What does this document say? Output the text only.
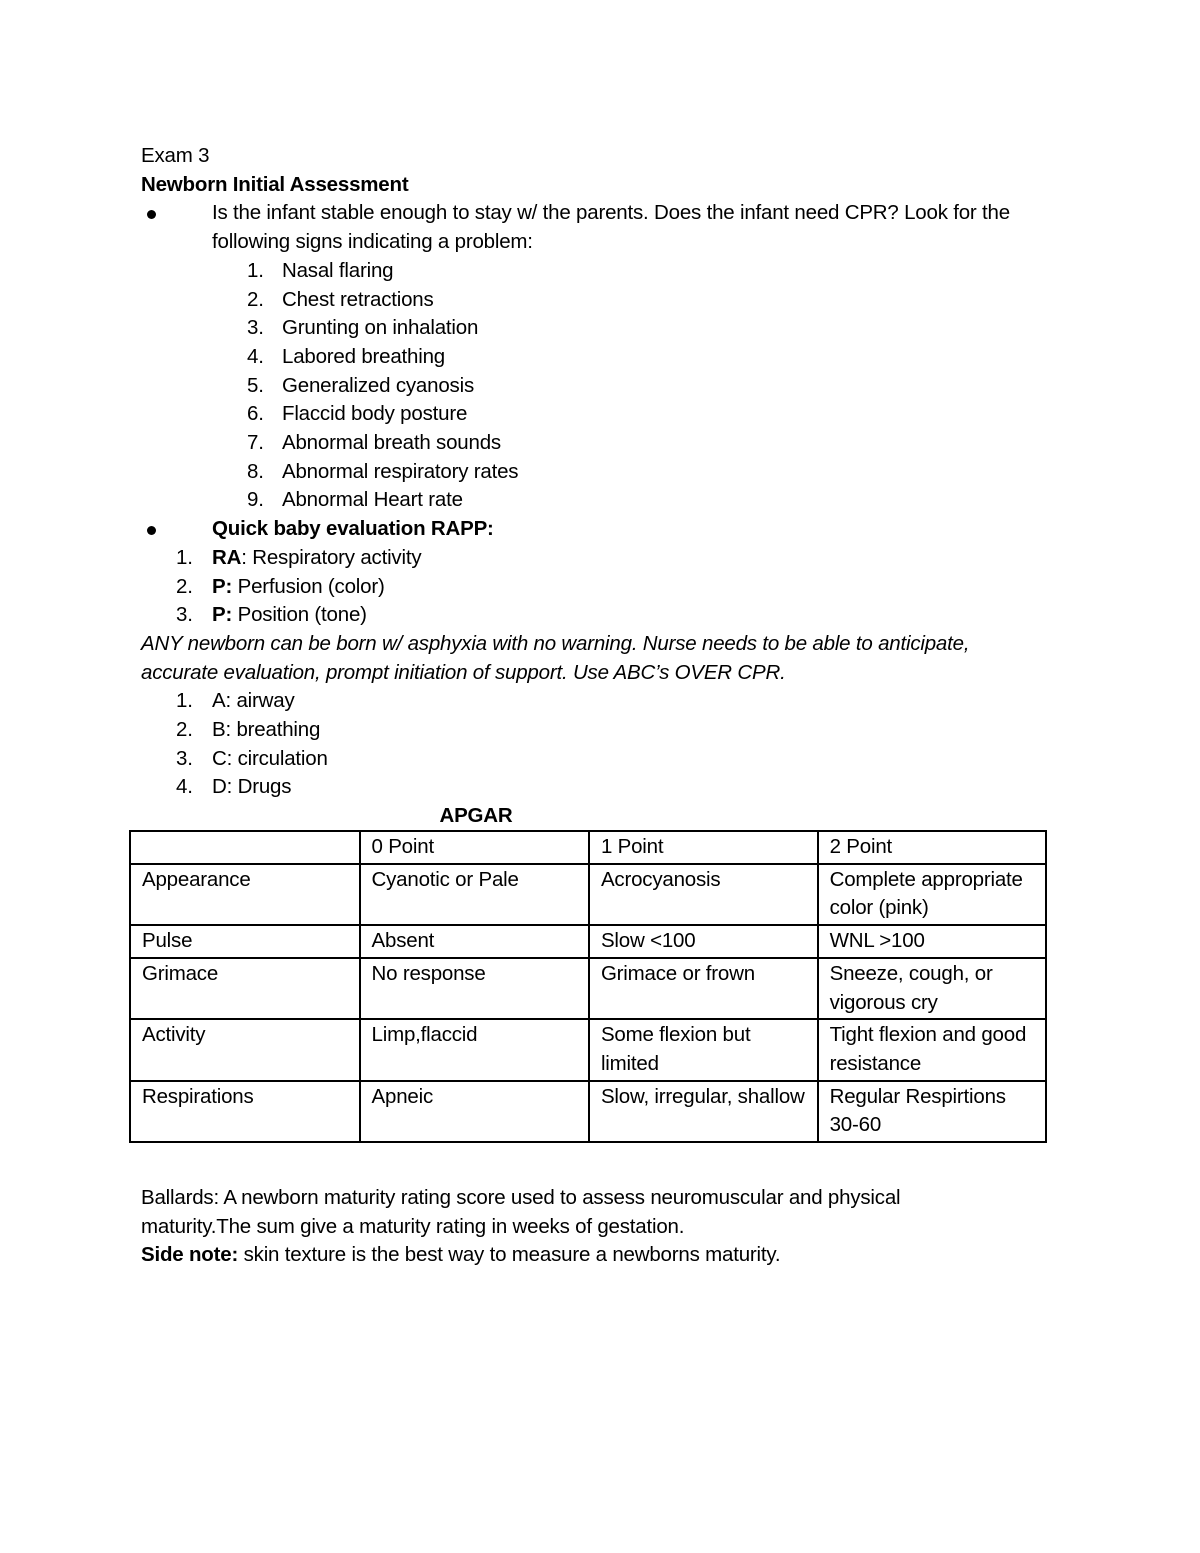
Exam 3
Newborn Initial Assessment
Is the infant stable enough to stay w/ the parents. Does the infant need CPR? Look for the following signs indicating a problem:
1. Nasal flaring
2. Chest retractions
3. Grunting on inhalation
4. Labored breathing
5. Generalized cyanosis
6. Flaccid body posture
7. Abnormal breath sounds
8. Abnormal respiratory rates
9. Abnormal Heart rate
Quick baby evaluation RAPP:
1. RA: Respiratory activity
2. P: Perfusion (color)
3. P: Position (tone)
ANY newborn can be born w/ asphyxia with no warning. Nurse needs to be able to anticipate,
accurate evaluation, prompt initiation of support. Use ABC’s OVER CPR.
1. A: airway
2. B: breathing
3. C: circulation
4. D: Drugs
APGAR
	0 Point	1 Point	2 Point
Appearance	Cyanotic or Pale	Acrocyanosis	Complete appropriate color (pink)
Pulse	Absent	Slow <100	WNL >100
Grimace	No response	Grimace or frown	Sneeze, cough, or vigorous cry
Activity	Limp,flaccid	Some flexion but limited	Tight flexion and good resistance
Respirations	Apneic	Slow, irregular, shallow	Regular Respirtions 30-60
Ballards: A newborn maturity rating score used to assess neuromuscular and physical
maturity.The sum give a maturity rating in weeks of gestation.
Side note: skin texture is the best way to measure a newborns maturity.
